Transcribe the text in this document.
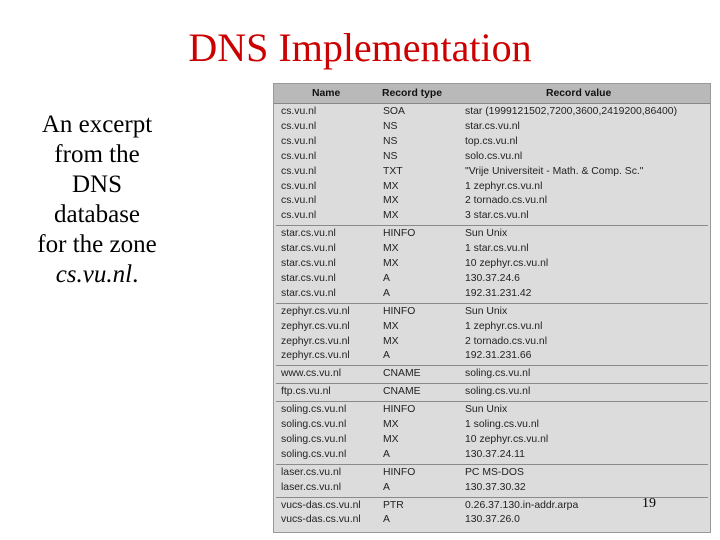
DNS Implementation
An excerpt
from the
DNS
database
for the zone
cs.vu.nl.
Name	Record type	Record value
cs.vu.nl	SOA	star (1999121502,7200,3600,2419200,86400)
cs.vu.nl	NS	star.cs.vu.nl
cs.vu.nl	NS	top.cs.vu.nl
cs.vu.nl	NS	solo.cs.vu.nl
cs.vu.nl	TXT	"Vrije Universiteit - Math. & Comp. Sc."
cs.vu.nl	MX	1 zephyr.cs.vu.nl
cs.vu.nl	MX	2 tornado.cs.vu.nl
cs.vu.nl	MX	3 star.cs.vu.nl
star.cs.vu.nl	HINFO	Sun Unix
star.cs.vu.nl	MX	1 star.cs.vu.nl
star.cs.vu.nl	MX	10 zephyr.cs.vu.nl
star.cs.vu.nl	A	130.37.24.6
star.cs.vu.nl	A	192.31.231.42
zephyr.cs.vu.nl	HINFO	Sun Unix
zephyr.cs.vu.nl	MX	1 zephyr.cs.vu.nl
zephyr.cs.vu.nl	MX	2 tornado.cs.vu.nl
zephyr.cs.vu.nl	A	192.31.231.66
www.cs.vu.nl	CNAME	soling.cs.vu.nl
ftp.cs.vu.nl	CNAME	soling.cs.vu.nl
soling.cs.vu.nl	HINFO	Sun Unix
soling.cs.vu.nl	MX	1 soling.cs.vu.nl
soling.cs.vu.nl	MX	10 zephyr.cs.vu.nl
soling.cs.vu.nl	A	130.37.24.11
laser.cs.vu.nl	HINFO	PC MS-DOS
laser.cs.vu.nl	A	130.37.30.32
vucs-das.cs.vu.nl PTR	0.26.37.130.in-addr.arpa
vucs-das.cs.vu.nl A	130.37.26.0
19
